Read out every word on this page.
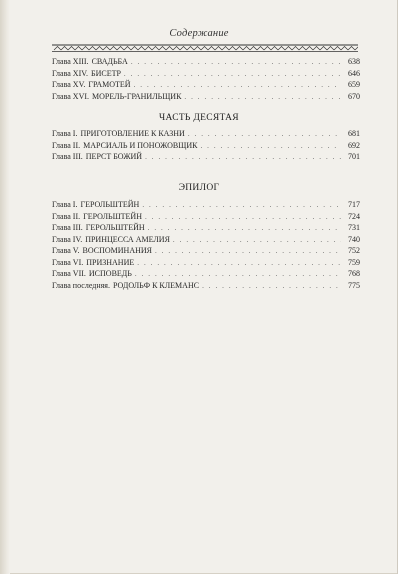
Содержание
Глава XIII. СВАДЬБА . . .	638
Глава XIV. БИСЕТР . . .	646
Глава XV. ГРАМОТЕЙ . . .	659
Глава XVI. МОРЕЛЬ-ГРАНИЛЬЩИК . . .	670
ЧАСТЬ ДЕСЯТАЯ
Глава I. ПРИГОТОВЛЕНИЕ К КАЗНИ . . .	681
Глава II. МАРСИАЛЬ И ПОНОЖОВЩИК . . .	692
Глава III. ПЕРСТ БОЖИЙ . . .	701
ЭПИЛОГ
Глава I. ГЕРОЛЬШТЕЙН . . .	717
Глава II. ГЕРОЛЬШТЕЙН . . .	724
Глава III. ГЕРОЛЬШТЕЙН . . .	731
Глава IV. ПРИНЦЕССА АМЕЛИЯ . . .	740
Глава V. ВОСПОМИНАНИЯ . . .	752
Глава VI. ПРИЗНАНИЕ . . .	759
Глава VII. ИСПОВЕДЬ . . .	768
Глава последняя. РОДОЛЬФ К КЛЕМАНС . . .	775
